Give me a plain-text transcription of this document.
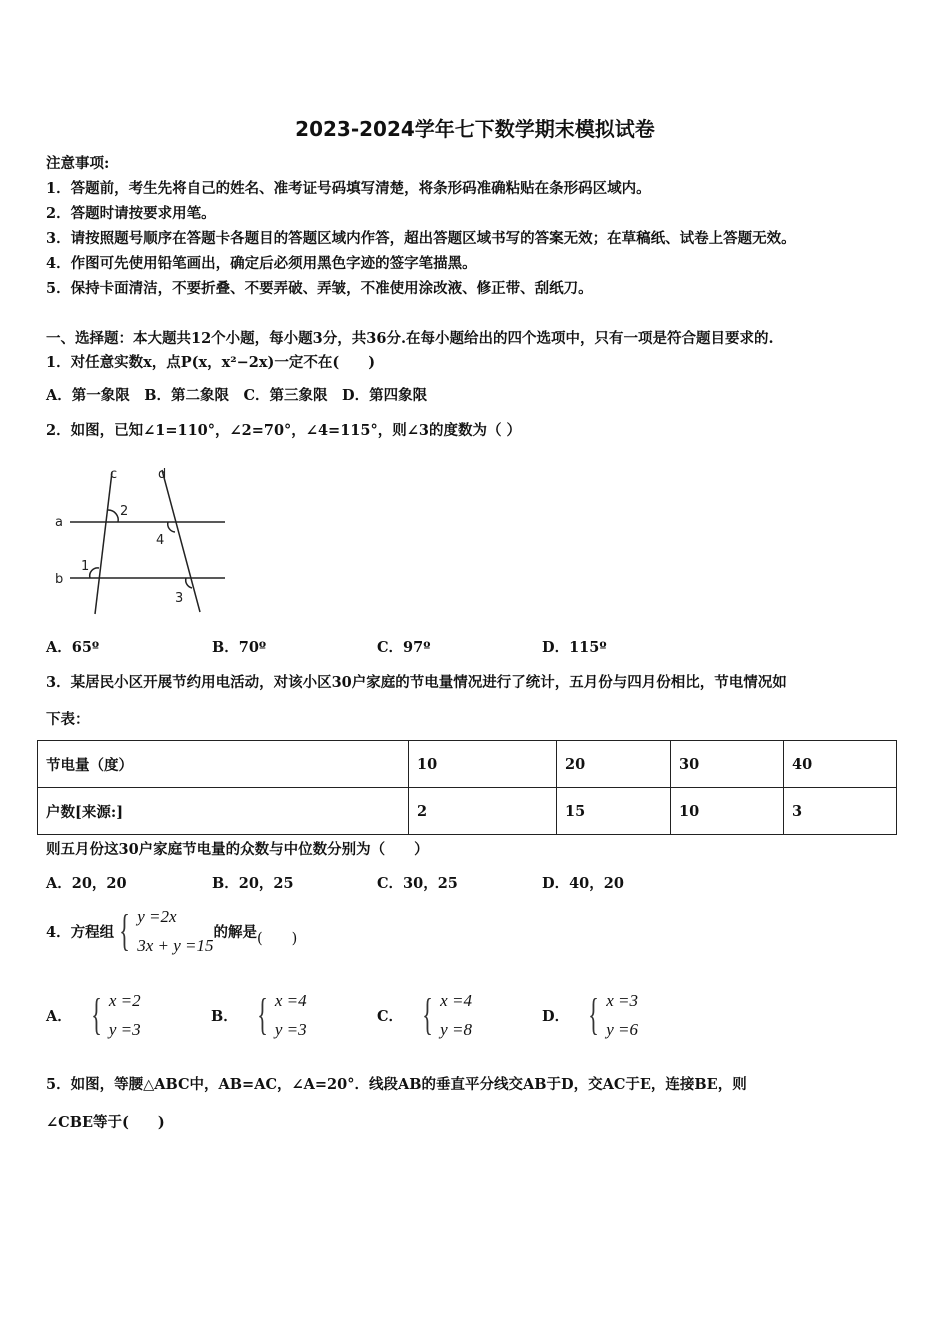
2023-2024学年七下数学期末模拟试卷
注意事项:
1．答题前，考生先将自己的姓名、准考证号码填写清楚，将条形码准确粘贴在条形码区域内。
2．答题时请按要求用笔。
3．请按照题号顺序在答题卡各题目的答题区域内作答，超出答题区域书写的答案无效；在草稿纸、试卷上答题无效。
4．作图可先使用铅笔画出，确定后必须用黑色字迹的签字笔描黑。
5．保持卡面清洁，不要折叠、不要弄破、弄皱，不准使用涂改液、修正带、刮纸刀。
一、选择题：本大题共12个小题，每小题3分，共36分.在每小题给出的四个选项中，只有一项是符合题目要求的.
1．对任意实数x，点P(x，x²−2x)一定不在(　　)
A．第一象限　B．第二象限　C．第三象限　D．第四象限
2．如图，已知∠1=110°，∠2=70°，∠4=115°，则∠3的度数为（ ）
c	d
a
b
1
2
3
4
A．65º	B．70º	C．97º	D．115º
3．某居民小区开展节约用电活动，对该小区30户家庭的节电量情况进行了统计，五月份与四月份相比，节电情况如
下表：
节电量（度）	10	20	30	40
户数[来源:]	2	15	10	3
则五月份这30户家庭节电量的众数与中位数分别为（　　）
A．20，20	B．20，25	C．30，25	D．40，20
4．方程组 { y =2x
3x + y =15
的解是 (　　)
A． { x =2
y =3
B． { x =4
y =3
C． { x =4
y =8
D． { x =3
y =6
5．如图，等腰△ABC中，AB=AC，∠A=20°．线段AB的垂直平分线交AB于D，交AC于E，连接BE，则
∠CBE等于(　　)
